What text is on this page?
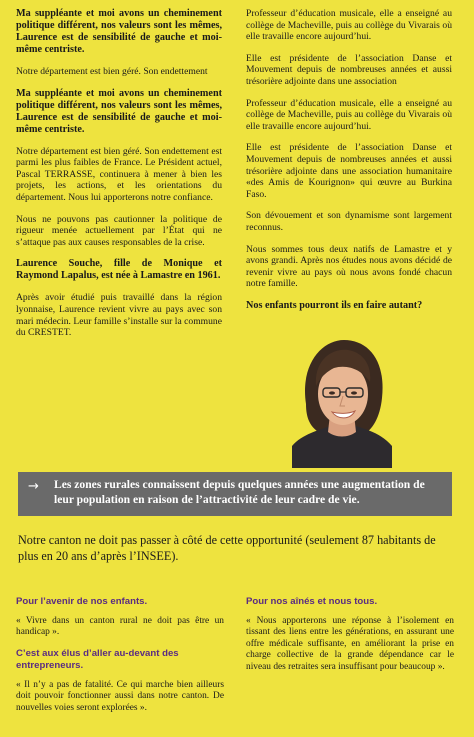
Ma suppléante et moi avons un cheminement politique différent, nos valeurs sont les mêmes, Laurence est de sensibilité de gauche et moi-même centriste.

Notre département est bien géré. Son endettement

Ma suppléante et moi avons un cheminement politique différent, nos valeurs sont les mêmes, Laurence est de sensibilité de gauche et moi-même centriste.

Notre département est bien géré. Son endettement est parmi les plus faibles de France. Le Président actuel, Pascal TERRASSE, continuera à mener à bien les projets, les actions, et les orientations du département. Nous lui apporterons notre confiance.

Nous ne pouvons pas cautionner la politique de rigueur menée actuellement par l’État qui ne s’attaque pas aux causes responsables de la crise.

Laurence Souche, fille de Monique et Raymond Lapalus, est née à Lamastre en 1961.

Après avoir étudié puis travaillé dans la région lyonnaise, Laurence revient vivre au pays avec son mari médecin. Leur famille s’installe sur la commune du CRESTET.

Professeur d’éducation musicale, elle a enseigné au collège de Macheville, puis au collège du Vivarais où elle travaille encore aujourd’hui.

Elle est présidente de l’association Danse et Mouvement depuis de nombreuses années et aussi trésorière adjointe dans une association

Professeur d’éducation musicale, elle a enseigné au collège de Macheville, puis au collège du Vivarais où elle travaille encore aujourd’hui.

Elle est présidente de l’association Danse et Mouvement depuis de nombreuses années et aussi trésorière adjointe dans une association humanitaire «des Amis de Kourignon» qui œuvre au Burkina Faso.

Son dévouement et son dynamisme sont largement reconnus.

Nous sommes tous deux natifs de Lamastre et y avons grandi. Après nos études nous avons décidé de revenir vivre au pays où nous avons fondé chacun notre famille.

Nos enfants pourront ils en faire autant?

→	Les zones rurales connaissent depuis quelques années une augmentation de leur population en raison de l’attractivité de leur cadre de vie.

Notre canton ne doit pas passer à côté de cette opportunité (seulement 87 habitants de plus en 20 ans d’après l’INSEE).

Pour l’avenir de nos enfants.

« Vivre dans un canton rural ne doit pas être un handicap ».

C’est aux élus d’aller au-devant des entrepreneurs.

« Il n’y a pas de fatalité. Ce qui marche bien ailleurs doit pouvoir fonctionner aussi dans notre canton. De nouvelles voies seront explorées ».

Pour nos aînés et nous tous.

« Nous apporterons une réponse à l’isolement en tissant des liens entre les générations, en assurant une offre médicale suffisante, en améliorant la prise en charge collective de la grande dépendance car le niveau des retraites sera insuffisant pour beaucoup ».
